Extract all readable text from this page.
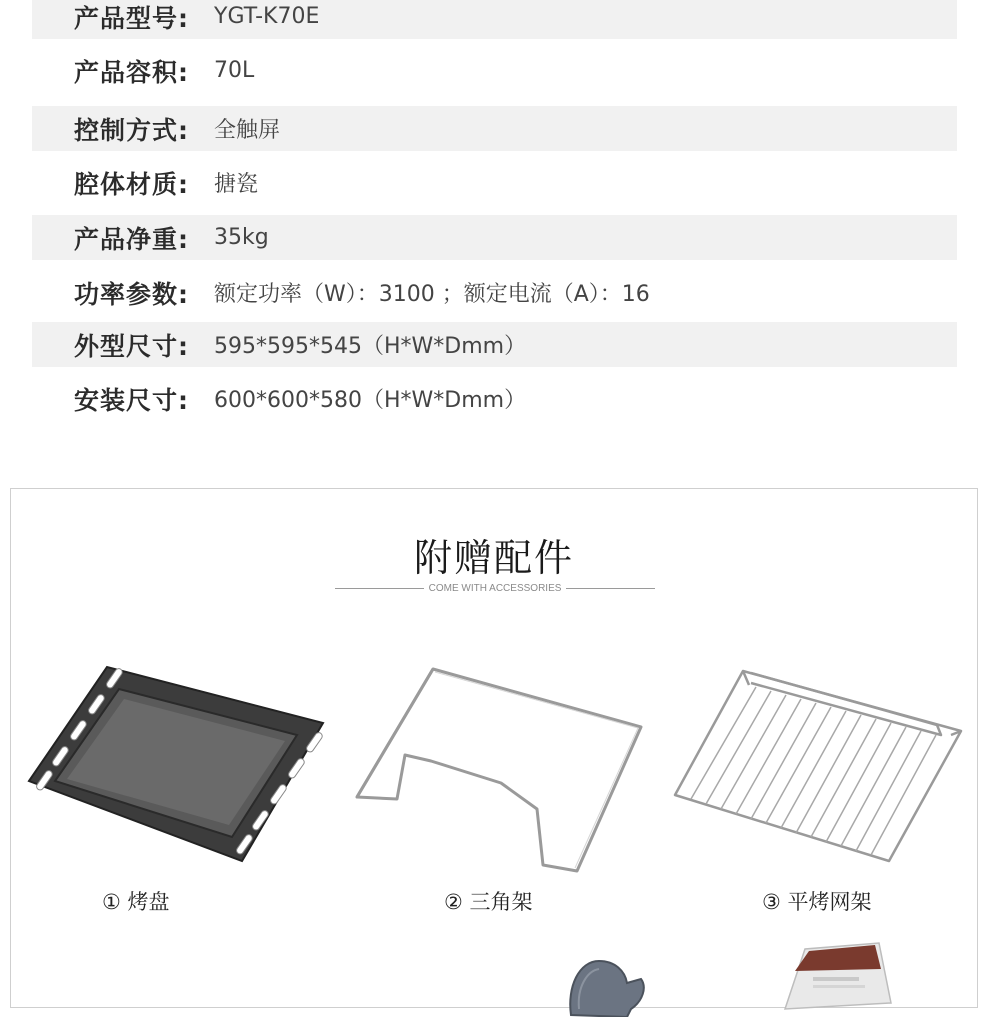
产品型号: YGT-K70E
产品容积: 70L
控制方式: 全触屏
腔体材质: 搪瓷
产品净重: 35kg
功率参数: 额定功率（W）：3100 ；额定电流（A）：16
外型尺寸: 595*595*545（H*W*Dmm）
安装尺寸: 600*600*580（H*W*Dmm）
附赠配件
COME WITH ACCESSORIES
① 烤盘	② 三角架	③ 平烤网架
